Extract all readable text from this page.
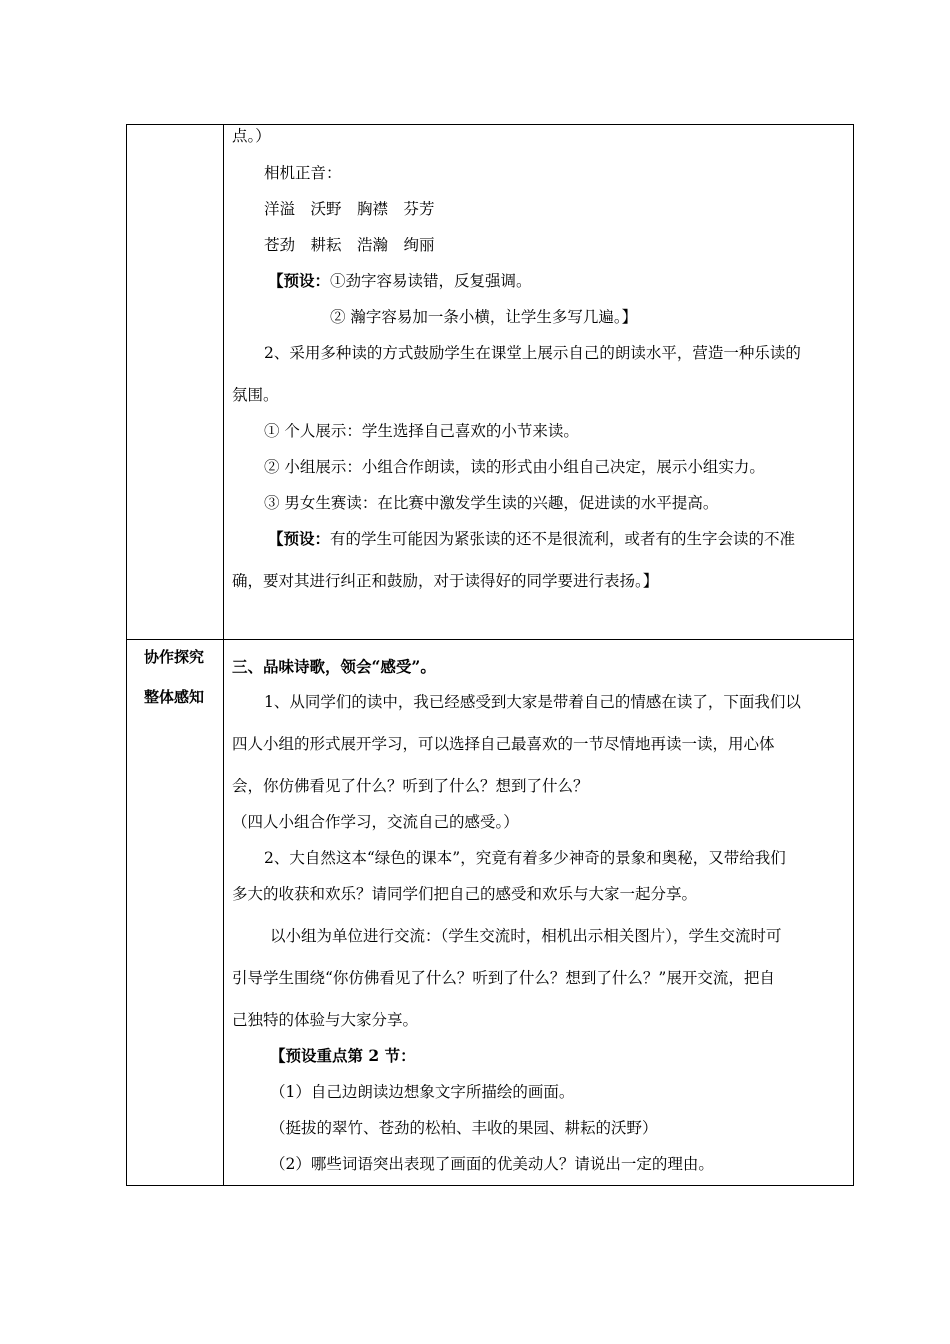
点。）
相机正音：
洋溢　沃野　胸襟　芬芳
苍劲　耕耘　浩瀚　绚丽
【预设：①劲字容易读错，反复强调。
② 瀚字容易加一条小横，让学生多写几遍。】
2、采用多种读的方式鼓励学生在课堂上展示自己的朗读水平，营造一种乐读的
氛围。
① 个人展示：学生选择自己喜欢的小节来读。
② 小组展示：小组合作朗读，读的形式由小组自己决定，展示小组实力。
③ 男女生赛读：在比赛中激发学生读的兴趣，促进读的水平提高。
【预设：有的学生可能因为紧张读的还不是很流利，或者有的生字会读的不准
确，要对其进行纠正和鼓励，对于读得好的同学要进行表扬。】
协作探究
整体感知
三、品味诗歌，领会“感受”。
1、从同学们的读中，我已经感受到大家是带着自己的情感在读了，下面我们以
四人小组的形式展开学习，可以选择自己最喜欢的一节尽情地再读一读，用心体
会，你仿佛看见了什么？听到了什么？想到了什么？
（四人小组合作学习，交流自己的感受。）
2、大自然这本“绿色的课本”，究竟有着多少神奇的景象和奥秘，又带给我们
多大的收获和欢乐？请同学们把自己的感受和欢乐与大家一起分享。
以小组为单位进行交流：（学生交流时，相机出示相关图片），学生交流时可
引导学生围绕“你仿佛看见了什么？听到了什么？想到了什么？”展开交流，把自
己独特的体验与大家分享。
【预设重点第 2 节：
（1）自己边朗读边想象文字所描绘的画面。
（挺拔的翠竹、苍劲的松柏、丰收的果园、耕耘的沃野）
（2）哪些词语突出表现了画面的优美动人？请说出一定的理由。
